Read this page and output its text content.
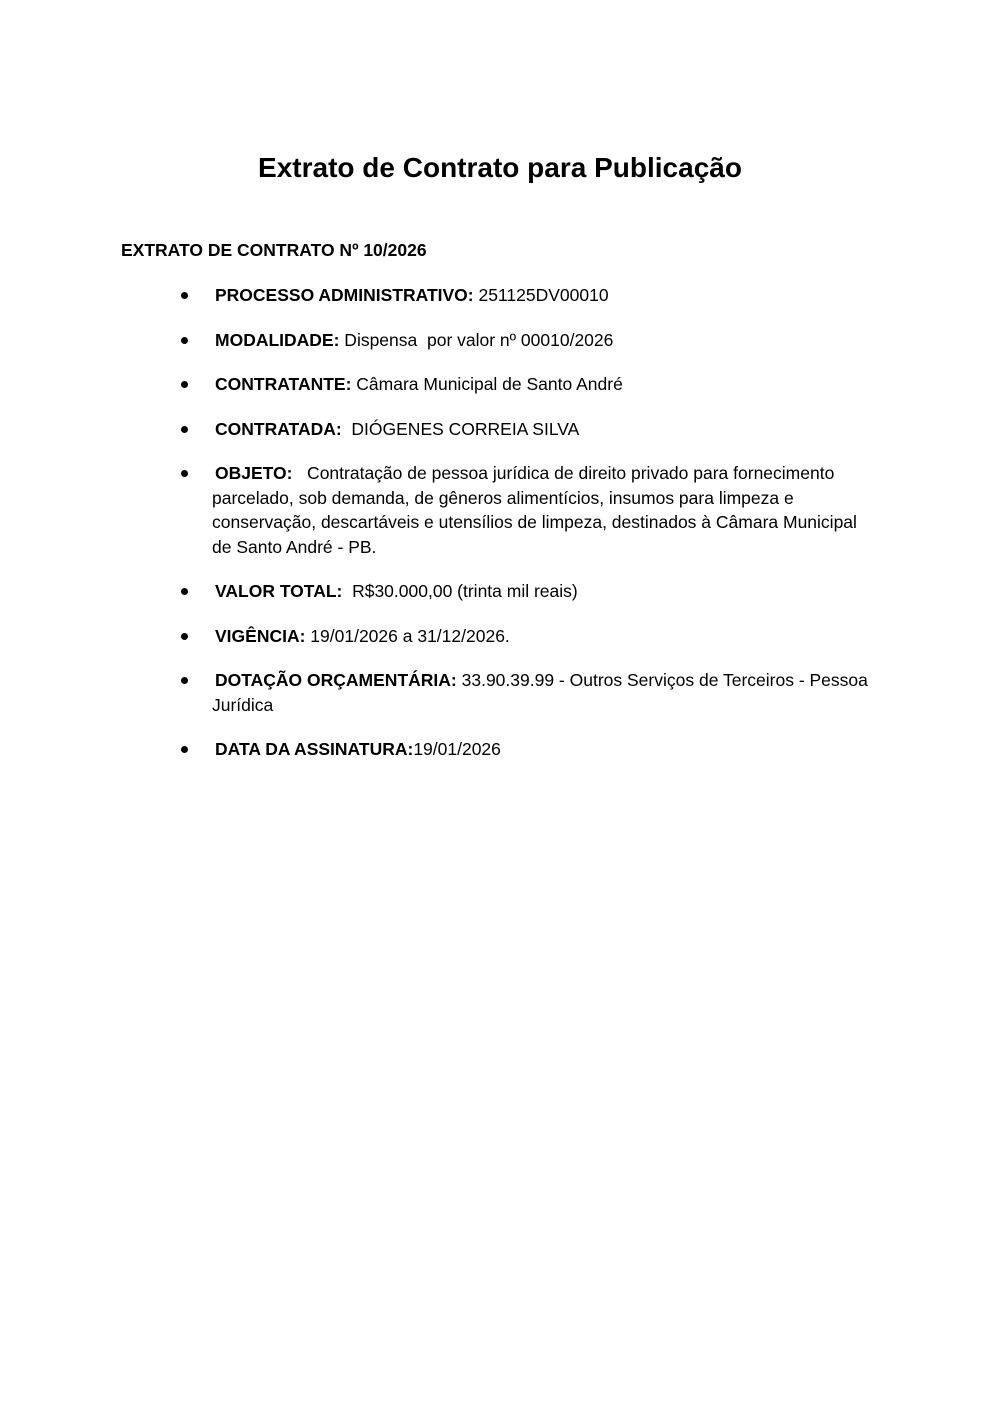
Extrato de Contrato para Publicação
EXTRATO DE CONTRATO Nº 10/2026
PROCESSO ADMINISTRATIVO: 251125DV00010
MODALIDADE: Dispensa  por valor nº 00010/2026
CONTRATANTE: Câmara Municipal de Santo André
CONTRATADA:  DIÓGENES CORREIA SILVA
OBJETO:   Contratação de pessoa jurídica de direito privado para fornecimento parcelado, sob demanda, de gêneros alimentícios, insumos para limpeza e conservação, descartáveis e utensílios de limpeza, destinados à Câmara Municipal de Santo André - PB.
VALOR TOTAL:  R$30.000,00 (trinta mil reais)
VIGÊNCIA: 19/01/2026 a 31/12/2026.
DOTAÇÃO ORÇAMENTÁRIA: 33.90.39.99 - Outros Serviços de Terceiros - Pessoa Jurídica
DATA DA ASSINATURA:19/01/2026
